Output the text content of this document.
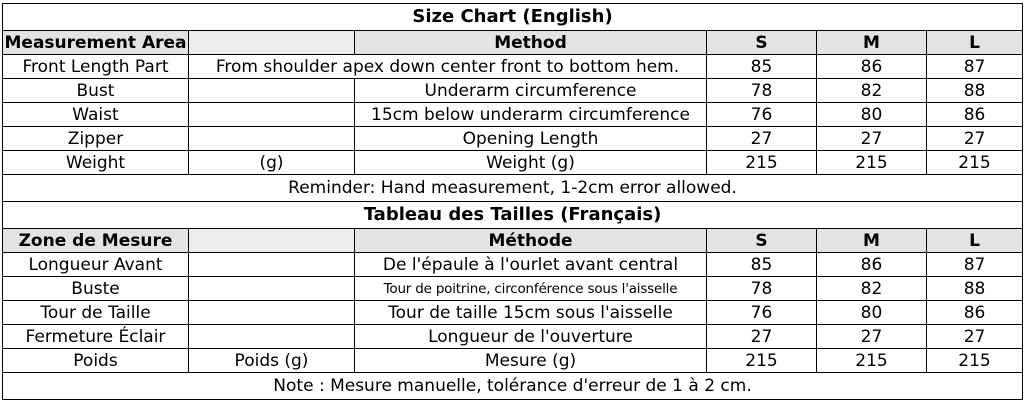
Size Chart (English)					
Measurement Area		Method	S	M	L
Front Length Part	From shoulder apex down center front to bottom hem.		85	86	87
Bust		Underarm circumference	78	82	88
Waist		15cm below underarm circumference	76	80	86
Zipper		Opening Length	27	27	27
Weight	(g)	Weight (g)	215	215	215
Reminder: Hand measurement, 1-2cm error allowed.					
Tableau des Tailles (Français)					
Zone de Mesure		Méthode	S	M	L
Longueur Avant		De l'épaule à l'ourlet avant central	85	86	87
Buste		Tour de poitrine, circonférence sous l'aisselle	78	82	88
Tour de Taille		Tour de taille 15cm sous l'aisselle	76	80	86
Fermeture Éclair		Longueur de l'ouverture	27	27	27
Poids	Poids (g)	Mesure (g)	215	215	215
Note : Mesure manuelle, tolérance d'erreur de 1 à 2 cm.					
